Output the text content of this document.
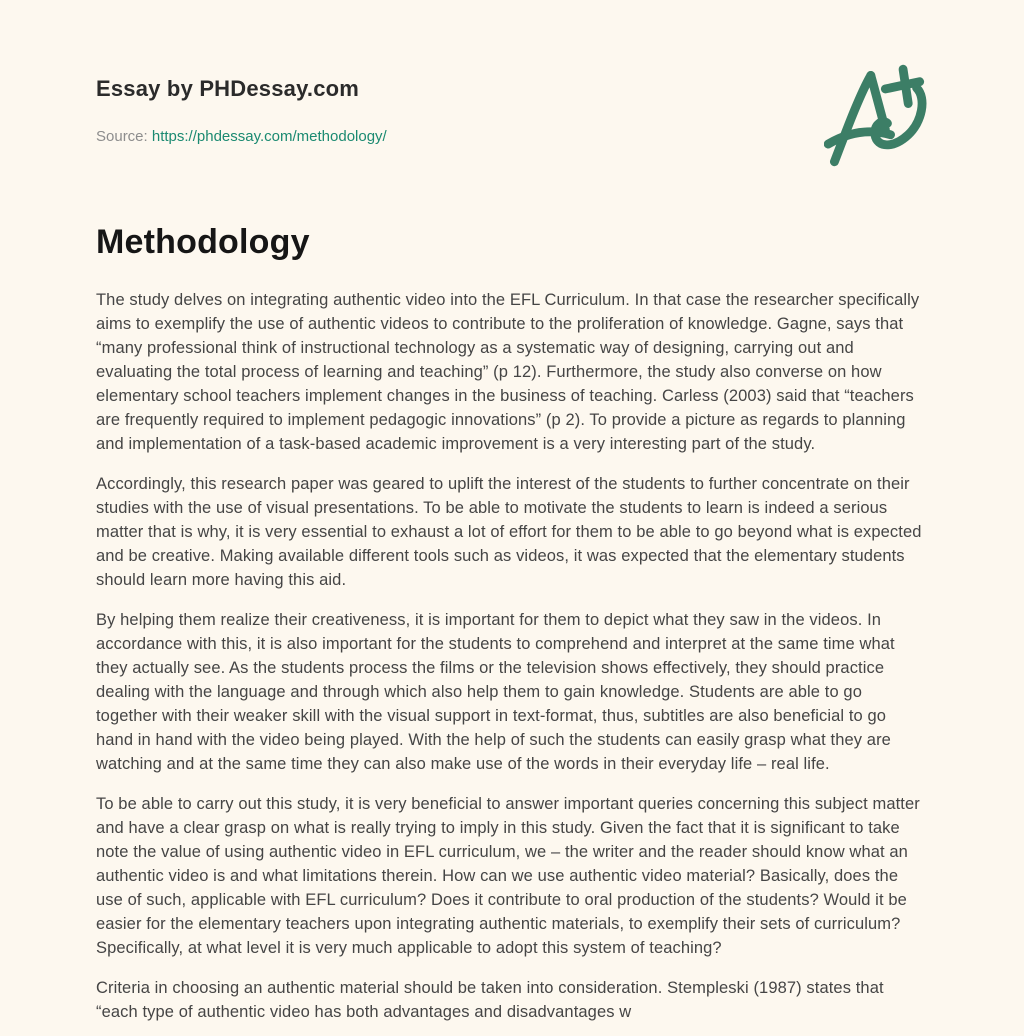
Essay by PHDessay.com
Source: https://phdessay.com/methodology/
Methodology

The study delves on integrating authentic video into the EFL Curriculum. In that case the researcher specifically aims to exemplify the use of authentic videos to contribute to the proliferation of knowledge. Gagne, says that “many professional think of instructional technology as a systematic way of designing, carrying out and evaluating the total process of learning and teaching” (p 12). Furthermore, the study also converse on how elementary school teachers implement changes in the business of teaching. Carless (2003) said that “teachers are frequently required to implement pedagogic innovations” (p 2). To provide a picture as regards to planning and implementation of a task-based academic improvement is a very interesting part of the study.

Accordingly, this research paper was geared to uplift the interest of the students to further concentrate on their studies with the use of visual presentations. To be able to motivate the students to learn is indeed a serious matter that is why, it is very essential to exhaust a lot of effort for them to be able to go beyond what is expected and be creative. Making available different tools such as videos, it was expected that the elementary students should learn more having this aid.

By helping them realize their creativeness, it is important for them to depict what they saw in the videos. In accordance with this, it is also important for the students to comprehend and interpret at the same time what they actually see. As the students process the films or the television shows effectively, they should practice dealing with the language and through which also help them to gain knowledge. Students are able to go together with their weaker skill with the visual support in text-format, thus, subtitles are also beneficial to go hand in hand with the video being played. With the help of such the students can easily grasp what they are watching and at the same time they can also make use of the words in their everyday life – real life.

To be able to carry out this study, it is very beneficial to answer important queries concerning this subject matter and have a clear grasp on what is really trying to imply in this study. Given the fact that it is significant to take note the value of using authentic video in EFL curriculum, we – the writer and the reader should know what an authentic video is and what limitations therein. How can we use authentic video material? Basically, does the use of such, applicable with EFL curriculum? Does it contribute to oral production of the students? Would it be easier for the elementary teachers upon integrating authentic materials, to exemplify their sets of curriculum? Specifically, at what level it is very much applicable to adopt this system of teaching?

Criteria in choosing an authentic material should be taken into consideration. Stempleski (1987) states that “each type of authentic video has both advantages and disadvantages w
